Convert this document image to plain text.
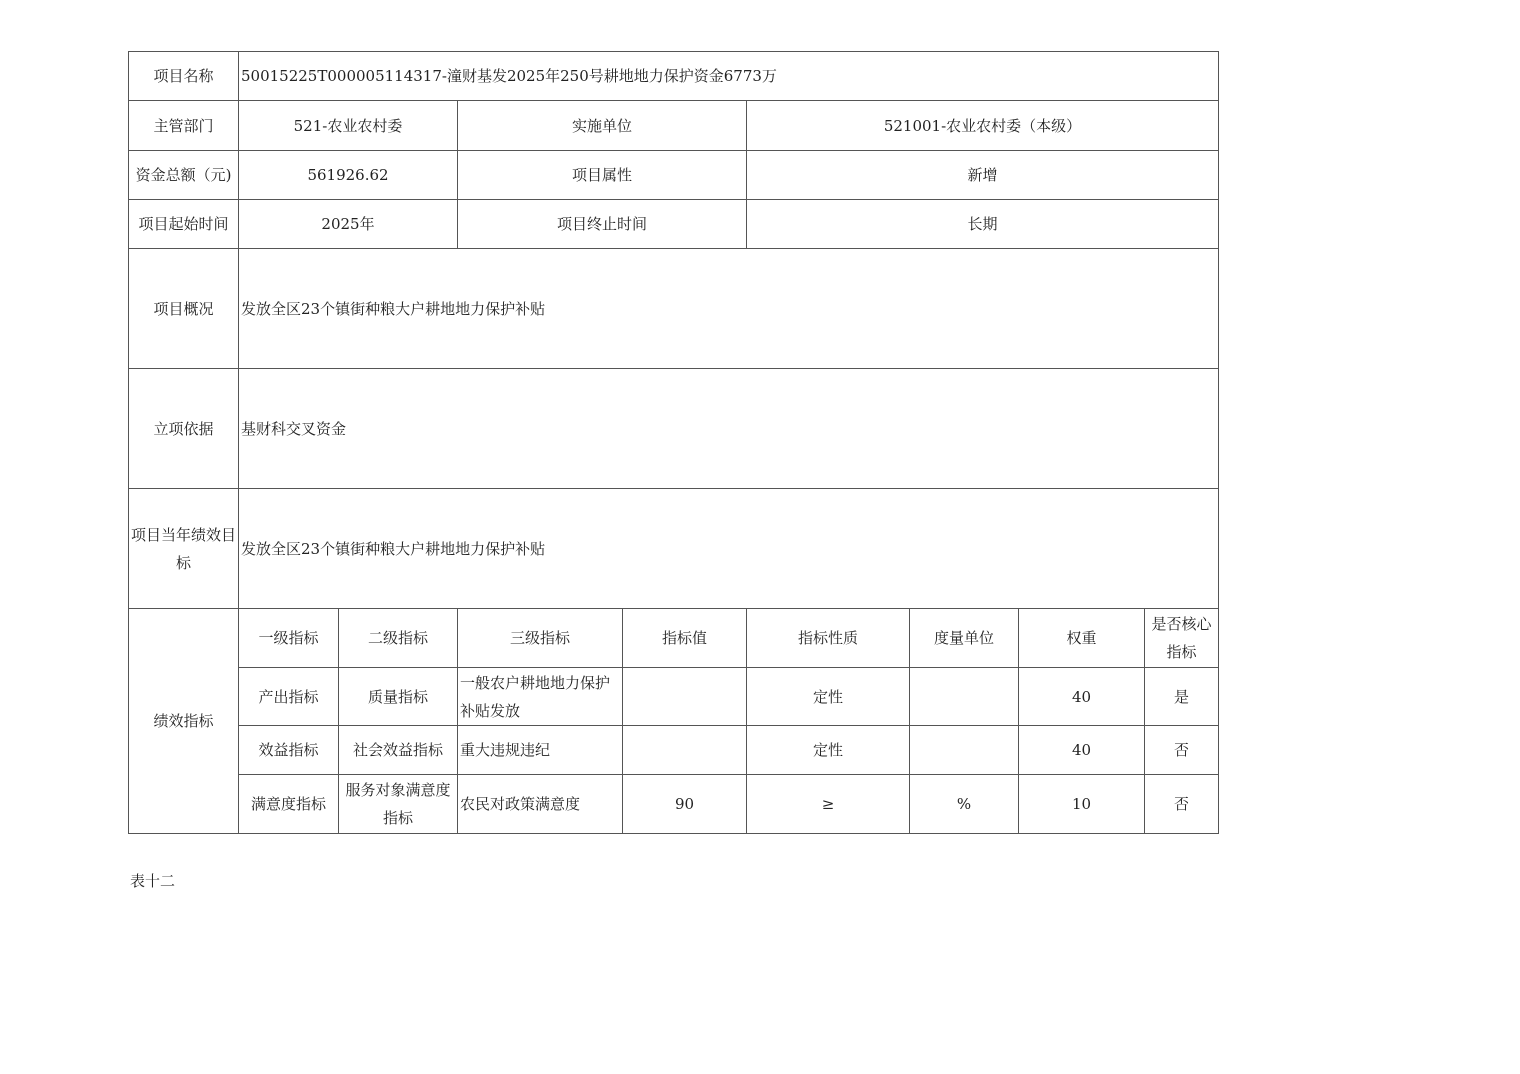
项目名称	50015225T000005114317-潼财基发2025年250号耕地地力保护资金6773万							
主管部门	521-农业农村委		实施单位		521001-农业农村委（本级）			
资金总额（元)	561926.62		项目属性		新增			
项目起始时间	2025年		项目终止时间		长期			
项目概况	发放全区23个镇街种粮大户耕地地力保护补贴							
立项依据	基财科交叉资金							
项目当年绩效目标	发放全区23个镇街种粮大户耕地地力保护补贴							
绩效指标	一级指标	二级指标	三级指标	指标值	指标性质	度量单位	权重	是否核心指标
	产出指标	质量指标	一般农户耕地地力保护补贴发放		定性		40	是
	效益指标	社会效益指标	重大违规违纪		定性		40	否
	满意度指标	服务对象满意度指标	农民对政策满意度	90	≥	%	10	否
表十二
